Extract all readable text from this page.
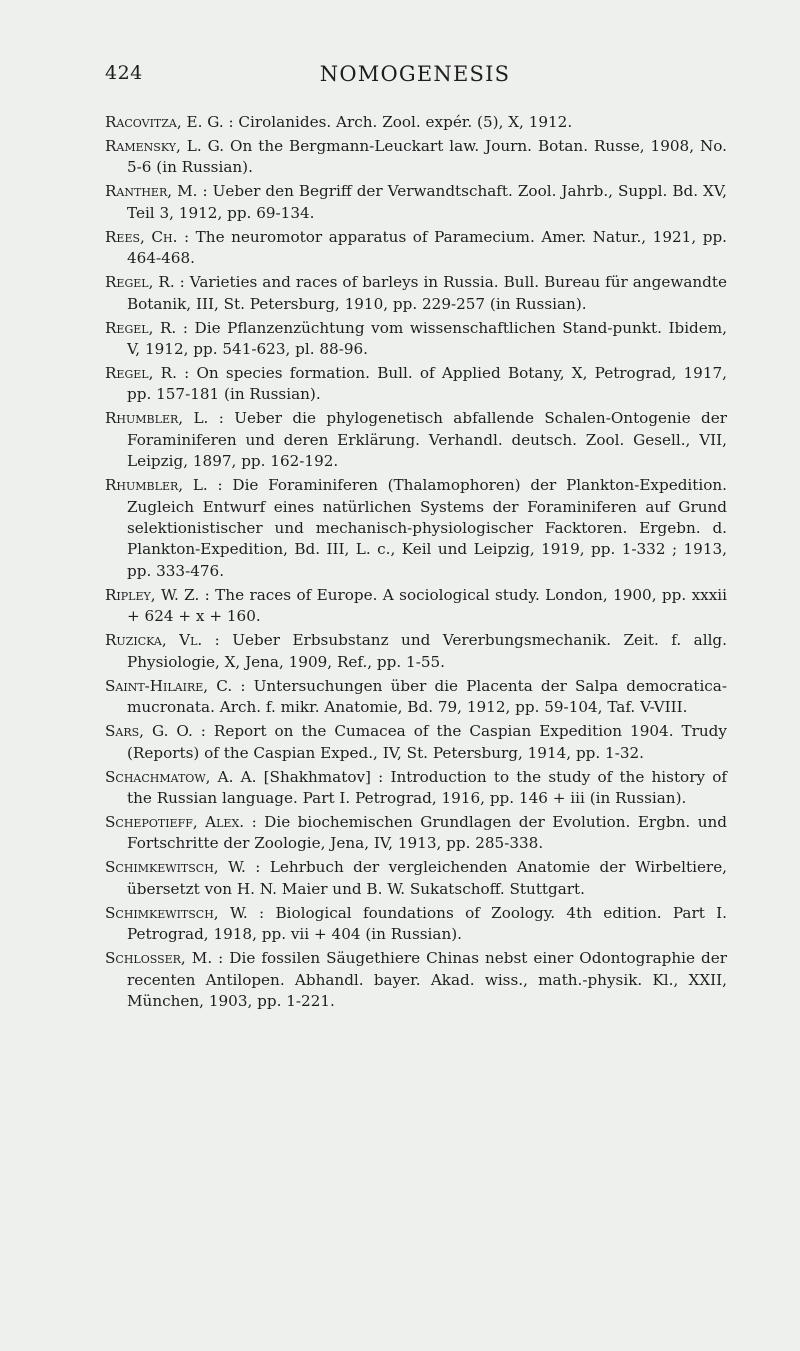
424	NOMOGENESIS

Racovitza, E. G. : Cirolanides. Arch. Zool. expér. (5), X, 1912.

Ramensky, L. G. On the Bergmann-Leuckart law. Journ. Botan. Russe, 1908, No. 5-6 (in Russian).

Ranther, M. : Ueber den Begriff der Verwandtschaft. Zool. Jahrb., Suppl. Bd. XV, Teil 3, 1912, pp. 69-134.

Rees, Ch. : The neuromotor apparatus of Paramecium. Amer. Natur., 1921, pp. 464-468.

Regel, R. : Varieties and races of barleys in Russia. Bull. Bureau für angewandte Botanik, III, St. Petersburg, 1910, pp. 229-257 (in Russian).

Regel, R. : Die Pflanzenzüchtung vom wissenschaftlichen Stand-punkt. Ibidem, V, 1912, pp. 541-623, pl. 88-96.

Regel, R. : On species formation. Bull. of Applied Botany, X, Petrograd, 1917, pp. 157-181 (in Russian).

Rhumbler, L. : Ueber die phylogenetisch abfallende Schalen-Ontogenie der Foraminiferen und deren Erklärung. Verhandl. deutsch. Zool. Gesell., VII, Leipzig, 1897, pp. 162-192.

Rhumbler, L. : Die Foraminiferen (Thalamophoren) der Plankton-Expedition. Zugleich Entwurf eines natürlichen Systems der Foraminiferen auf Grund selektionistischer und mechanisch-physiologischer Facktoren. Ergebn. d. Plankton-Expedition, Bd. III, L. c., Keil und Leipzig, 1919, pp. 1-332 ; 1913, pp. 333-476.

Ripley, W. Z. : The races of Europe. A sociological study. London, 1900, pp. xxxii + 624 + x + 160.

Ruzicka, Vl. : Ueber Erbsubstanz und Vererbungsmechanik. Zeit. f. allg. Physiologie, X, Jena, 1909, Ref., pp. 1-55.

Saint-Hilaire, C. : Untersuchungen über die Placenta der Salpa democratica-mucronata. Arch. f. mikr. Anatomie, Bd. 79, 1912, pp. 59-104, Taf. V-VIII.

Sars, G. O. : Report on the Cumacea of the Caspian Expedition 1904. Trudy (Reports) of the Caspian Exped., IV, St. Petersburg, 1914, pp. 1-32.

Schachmatow, A. A. [Shakhmatov] : Introduction to the study of the history of the Russian language. Part I. Petrograd, 1916, pp. 146 + iii (in Russian).

Schepotieff, Alex. : Die biochemischen Grundlagen der Evolution. Ergbn. und Fortschritte der Zoologie, Jena, IV, 1913, pp. 285-338.

Schimkewitsch, W. : Lehrbuch der vergleichenden Anatomie der Wirbeltiere, übersetzt von H. N. Maier und B. W. Sukatschoff. Stuttgart.

Schimkewitsch, W. : Biological foundations of Zoology. 4th edition. Part I. Petrograd, 1918, pp. vii + 404 (in Russian).

Schlosser, M. : Die fossilen Säugethiere Chinas nebst einer Odontographie der recenten Antilopen. Abhandl. bayer. Akad. wiss., math.-physik. Kl., XXII, München, 1903, pp. 1-221.
